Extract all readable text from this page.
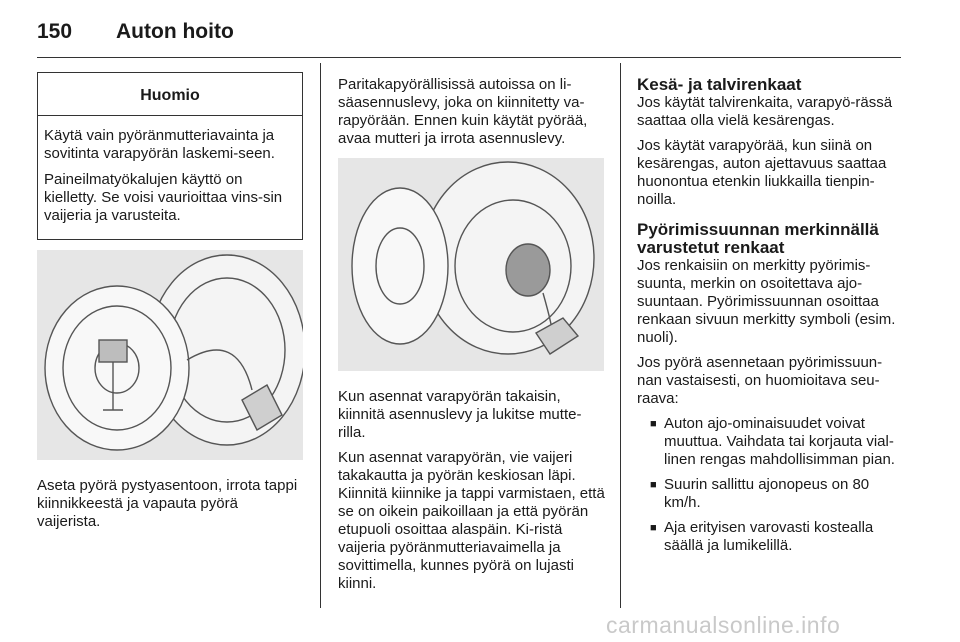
150 Auton hoito
Huomio

Käytä vain pyöränmutteriavainta ja sovitinta varapyörän laskemi-seen.

Paineilmatyökalujen käyttö on kielletty. Se voisi vaurioittaa vins-sin vaijeria ja varusteita.

Aseta pyörä pystyasentoon, irrota tappi kiinnikkeestä ja vapauta pyörä vaijerista.

Paritakapyörällisissä autoissa on li-säasennuslevy, joka on kiinnitetty va-rapyörään. Ennen kuin käytät pyörää, avaa mutteri ja irrota asennuslevy.

Kun asennat varapyörän takaisin, kiinnitä asennuslevy ja lukitse mutte-rilla.

Kun asennat varapyörän, vie vaijeri takakautta ja pyörän keskiosan läpi. Kiinnitä kiinnike ja tappi varmistaen, että se on oikein paikoillaan ja että pyörän etupuoli osoittaa alaspäin. Ki-ristä vaijeria pyöränmutteriavaimella ja sovittimella, kunnes pyörä on lujasti kiinni.

Kesä- ja talvirenkaat

Jos käytät talvirenkaita, varapyö-rässä saattaa olla vielä kesärengas.

Jos käytät varapyörää, kun siinä on kesärengas, auton ajettavuus saattaa huonontua etenkin liukkailla tienpin-noilla.

Pyörimissuunnan merkinnällä varustetut renkaat

Jos renkaisiin on merkitty pyörimis-suunta, merkin on osoitettava ajo-suuntaan. Pyörimissuunnan osoittaa renkaan sivuun merkitty symboli (esim. nuoli).

Jos pyörä asennetaan pyörimissuun-nan vastaisesti, on huomioitava seu-raava:

■ Auton ajo-ominaisuudet voivat muuttua. Vaihdata tai korjauta vial-linen rengas mahdollisimman pian.
■ Suurin sallittu ajonopeus on 80 km/h.
■ Aja erityisen varovasti kostealla säällä ja lumikelillä.
carmanualsonline.info
